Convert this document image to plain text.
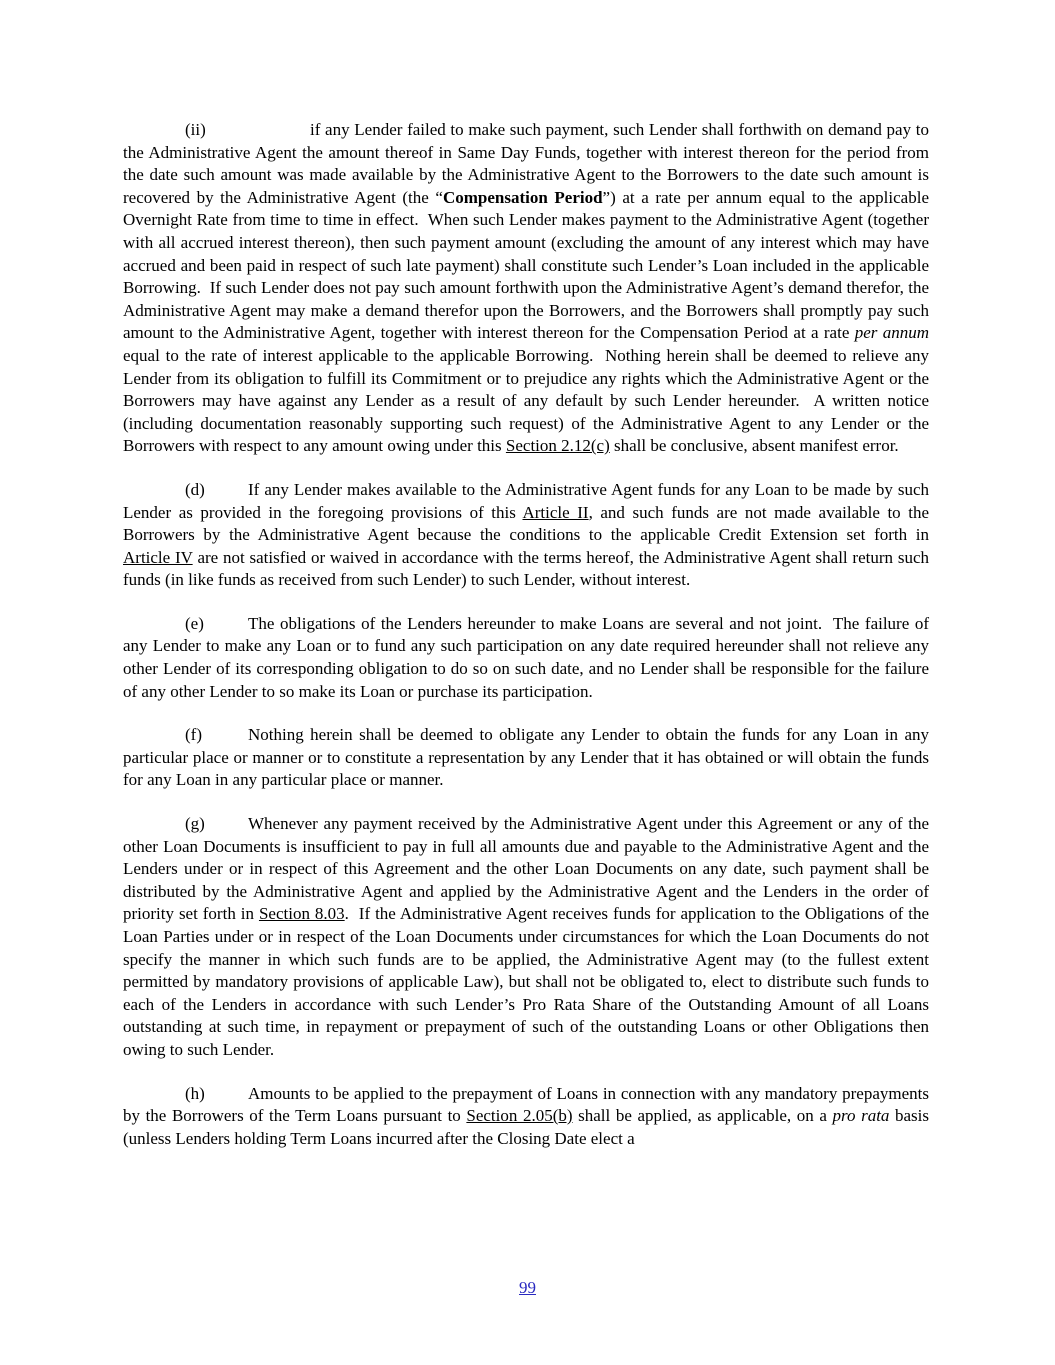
(ii)	if any Lender failed to make such payment, such Lender shall forthwith on demand pay to the Administrative Agent the amount thereof in Same Day Funds, together with interest thereon for the period from the date such amount was made available by the Administrative Agent to the Borrowers to the date such amount is recovered by the Administrative Agent (the “Compensation Period”) at a rate per annum equal to the applicable Overnight Rate from time to time in effect.  When such Lender makes payment to the Administrative Agent (together with all accrued interest thereon), then such payment amount (excluding the amount of any interest which may have accrued and been paid in respect of such late payment) shall constitute such Lender’s Loan included in the applicable Borrowing.  If such Lender does not pay such amount forthwith upon the Administrative Agent’s demand therefor, the Administrative Agent may make a demand therefor upon the Borrowers, and the Borrowers shall promptly pay such amount to the Administrative Agent, together with interest thereon for the Compensation Period at a rate per annum equal to the rate of interest applicable to the applicable Borrowing.  Nothing herein shall be deemed to relieve any Lender from its obligation to fulfill its Commitment or to prejudice any rights which the Administrative Agent or the Borrowers may have against any Lender as a result of any default by such Lender hereunder.  A written notice (including documentation reasonably supporting such request) of the Administrative Agent to any Lender or the Borrowers with respect to any amount owing under this Section 2.12(c) shall be conclusive, absent manifest error.

(d)	If any Lender makes available to the Administrative Agent funds for any Loan to be made by such Lender as provided in the foregoing provisions of this Article II, and such funds are not made available to the Borrowers by the Administrative Agent because the conditions to the applicable Credit Extension set forth in Article IV are not satisfied or waived in accordance with the terms hereof, the Administrative Agent shall return such funds (in like funds as received from such Lender) to such Lender, without interest.

(e)	The obligations of the Lenders hereunder to make Loans are several and not joint.  The failure of any Lender to make any Loan or to fund any such participation on any date required hereunder shall not relieve any other Lender of its corresponding obligation to do so on such date, and no Lender shall be responsible for the failure of any other Lender to so make its Loan or purchase its participation.

(f)	Nothing herein shall be deemed to obligate any Lender to obtain the funds for any Loan in any particular place or manner or to constitute a representation by any Lender that it has obtained or will obtain the funds for any Loan in any particular place or manner.

(g)	Whenever any payment received by the Administrative Agent under this Agreement or any of the other Loan Documents is insufficient to pay in full all amounts due and payable to the Administrative Agent and the Lenders under or in respect of this Agreement and the other Loan Documents on any date, such payment shall be distributed by the Administrative Agent and applied by the Administrative Agent and the Lenders in the order of priority set forth in Section 8.03.  If the Administrative Agent receives funds for application to the Obligations of the Loan Parties under or in respect of the Loan Documents under circumstances for which the Loan Documents do not specify the manner in which such funds are to be applied, the Administrative Agent may (to the fullest extent permitted by mandatory provisions of applicable Law), but shall not be obligated to, elect to distribute such funds to each of the Lenders in accordance with such Lender’s Pro Rata Share of the Outstanding Amount of all Loans outstanding at such time, in repayment or prepayment of such of the outstanding Loans or other Obligations then owing to such Lender.

(h)	Amounts to be applied to the prepayment of Loans in connection with any mandatory prepayments by the Borrowers of the Term Loans pursuant to Section 2.05(b) shall be applied, as applicable, on a pro rata basis (unless Lenders holding Term Loans incurred after the Closing Date elect a

99
